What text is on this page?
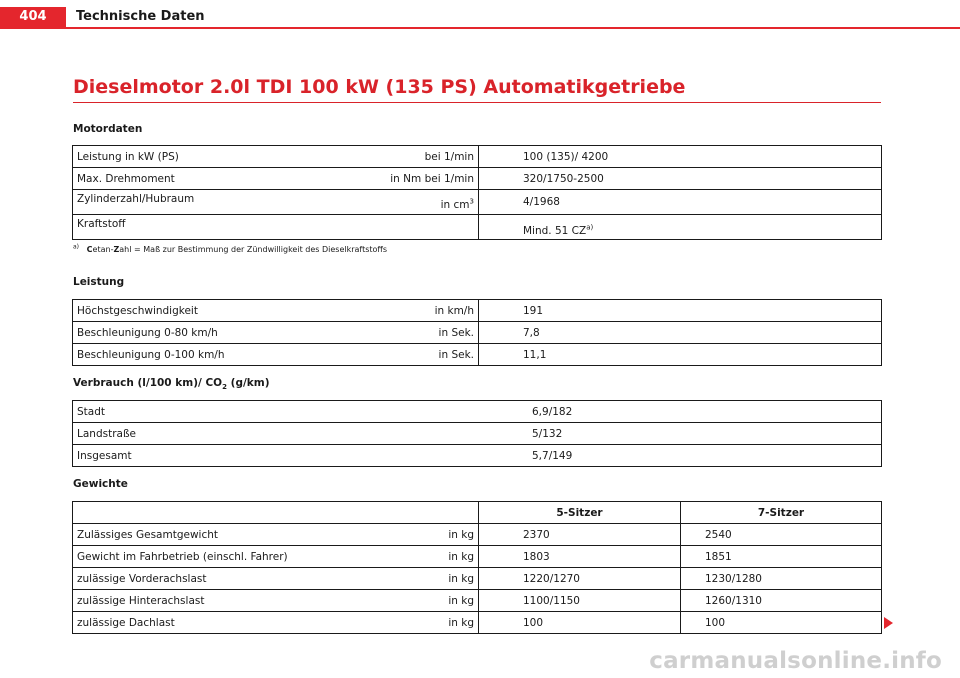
404	Technische Daten
Dieselmotor 2.0l TDI 100 kW (135 PS) Automatikgetriebe
Motordaten
Leistung in kW (PS) bei 1/min	100 (135)/ 4200

Max. Drehmoment in Nm bei 1/min	320/1750-2500

Zylinderzahl/Hubraum in $cm^3$	4/1968
Kraftstoff	Mind. 51 CZ$^{a)}$
$^{a)}$ Cetan-Zahl = Maß zur Bestimmung der Zündwilligkeit des Dieselkraftstoffs
Leistung
Höchstgeschwindigkeit in km/h	191

Beschleunigung 0-80 km/h in Sek.	7,8

Beschleunigung 0-100 km/h in Sek.	11,1
Verbrauch (l/100 km)/ $CO_2$ (g/km)
Stadt	6,9/182
Landstraße	5/132
Insgesamt	5,7/149
Gewichte
	5-Sitzer	7-Sitzer

Zulässiges Gesamtgewicht in kg	2370	2540

Gewicht im Fahrbetrieb (einschl. Fahrer) in kg	1803	1851

zulässige Vorderachslast in kg	1220/1270	1230/1280

zulässige Hinterachslast in kg	1100/1150	1260/1310

zulässige Dachlast in kg	100	100
carmanualsonline.info
